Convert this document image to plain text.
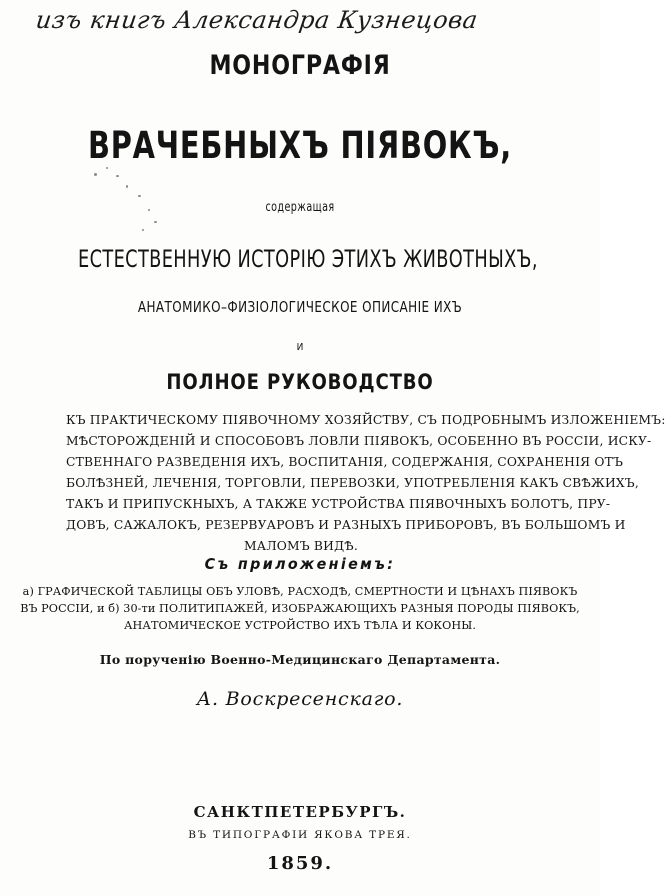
изъ книгъ Александра Кузнецова
МОНОГРАФІЯ
ВРАЧЕБНЫХЪ ПІЯВОКЪ,
содержащая
ЕСТЕСТВЕННУЮ ИСТОРІЮ ЭТИХЪ ЖИВОТНЫХЪ,
АНАТОМИКО–ФИЗІОЛОГИЧЕСКОЕ ОПИСАНІЕ ИХЪ
И
ПОЛНОЕ РУКОВОДСТВО
КЪ ПРАКТИЧЕСКОМУ ПІЯВОЧНОМУ ХОЗЯЙСТВУ, СЪ ПОДРОБНЫМЪ ИЗЛОЖЕНІЕМЪ:
МѢСТОРОЖДЕНІЙ И СПОСОБОВЪ ЛОВЛИ ПІЯВОКЪ, ОСОБЕННО ВЪ РОССІИ, ИСКУ-
СТВЕННАГО РАЗВЕДЕНІЯ ИХЪ, ВОСПИТАНІЯ, СОДЕРЖАНІЯ, СОХРАНЕНІЯ ОТЪ
БОЛѢЗНЕЙ, ЛЕЧЕНІЯ, ТОРГОВЛИ, ПЕРЕВОЗКИ, УПОТРЕБЛЕНІЯ КАКЪ СВѢЖИХЪ,
ТАКЪ И ПРИПУСКНЫХЪ, А ТАКЖЕ УСТРОЙСТВА ПІЯВОЧНЫХЪ БОЛОТЪ, ПРУ-
ДОВЪ, САЖАЛОКЪ, РЕЗЕРВУАРОВЪ И РАЗНЫХЪ ПРИБОРОВЪ, ВЪ БОЛЬШОМЪ И
МАЛОМЪ ВИДѢ.
Съ приложеніемъ:
а) ГРАФИЧЕСКОЙ ТАБЛИЦЫ ОБЪ УЛОВѢ, РАСХОДѢ, СМЕРТНОСТИ И ЦѢНАХЪ ПІЯВОКЪ
ВЪ РОССІИ, и б) 30-ти ПОЛИТИПАЖЕЙ, ИЗОБРАЖАЮЩИХЪ РАЗНЫЯ ПОРОДЫ ПІЯВОКЪ,
АНАТОМИЧЕСКОЕ УСТРОЙСТВО ИХЪ ТѢЛА И КОКОНЫ.
По порученію Военно-Медицинскаго Департамента.
А. Воскресенскаго.
САНКТПЕТЕРБУРГЪ.
ВЪ ТИПОГРАФІИ ЯКОВА ТРЕЯ.
1859.
